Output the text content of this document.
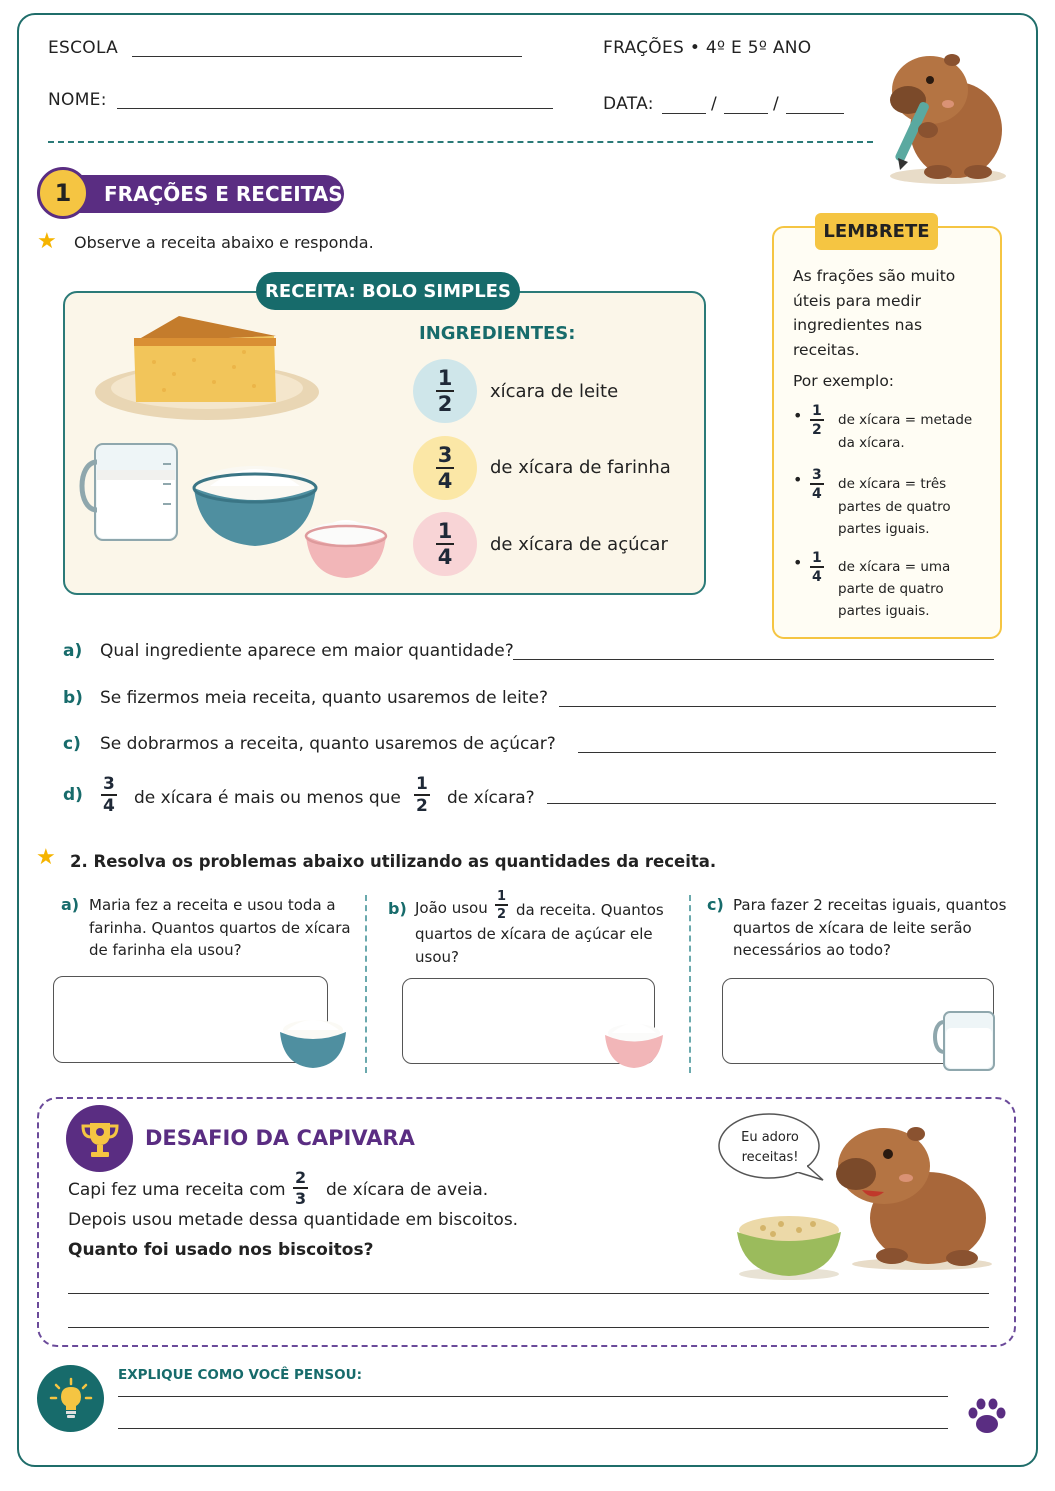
ESCOLA
NOME:
FRAÇÕES • 4º E 5º ANO
DATA:	/	/
1	FRAÇÕES E RECEITAS
★ Observe a receita abaixo e responda.
RECEITA: BOLO SIMPLES
INGREDIENTES:
$\frac{1}{2}$ xícara de leite
$\frac{3}{4}$ de xícara de farinha
$\frac{1}{4}$ de xícara de açúcar
LEMBRETE
As frações são muito úteis para medir ingredientes nas receitas.
Por exemplo:
• $\frac{1}{2}$ de xícara = metade da xícara.
• $\frac{3}{4}$ de xícara = três partes de quatro partes iguais.
• $\frac{1}{4}$ de xícara = uma parte de quatro partes iguais.
a) Qual ingrediente aparece em maior quantidade?
b) Se fizermos meia receita, quanto usaremos de leite?
c) Se dobrarmos a receita, quanto usaremos de açúcar?
$d) \frac{3}{4}$ de xícara é mais ou menos que $\frac{1}{2}$ de xícara?
★ 2. Resolva os problemas abaixo utilizando as quantidades da receita.
a) Maria fez a receita e usou toda a farinha. Quantos quartos de xícara de farinha ela usou?
b) João usou $\frac{1}{2}$ da receita. Quantos quartos de xícara de açúcar ele usou?
c) Para fazer 2 receitas iguais, quantos quartos de xícara de leite serão necessários ao todo?
DESAFIO DA CAPIVARA
Capi fez uma receita com $\frac{2}{3}$ de xícara de aveia.
Depois usou metade dessa quantidade em biscoitos.
Quanto foi usado nos biscoitos?
Eu adoro receitas!
EXPLIQUE COMO VOCÊ PENSOU:
